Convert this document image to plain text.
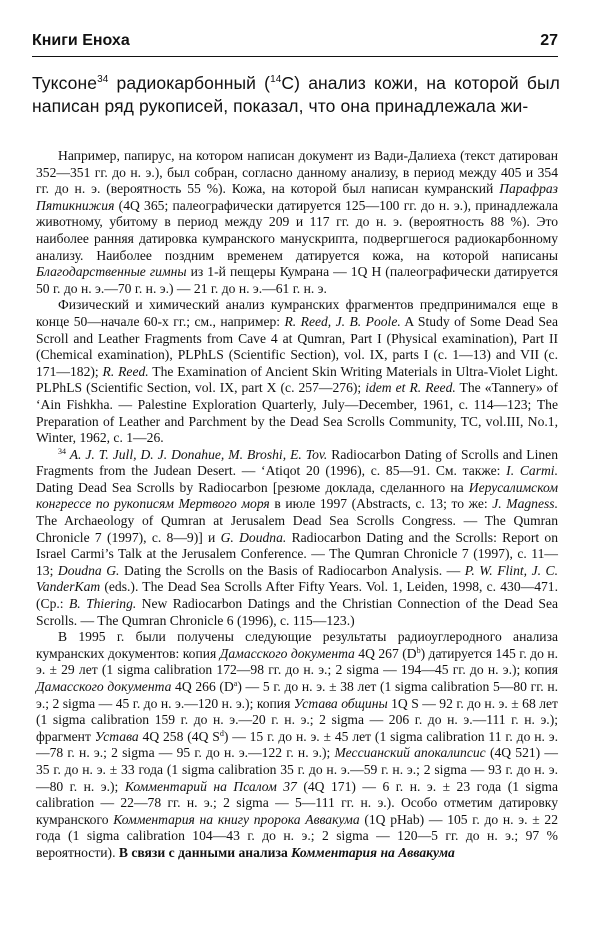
Книги Еноха	27
Туксоне$^{34}$ радиокарбонный ($^{14}$С) анализ кожи, на которой был написан ряд рукописей, показал, что она принадлежала жи-

Например, папирус, на котором написан документ из Вади-Далиеха (текст датирован 352—351 гг. до н. э.), был собран, согласно данному анализу, в период между 405 и 354 гг. до н. э. (вероятность 55 %). Кожа, на которой был написан кумранский Парафраз Пятикнижия (4Q 365; палеографически датируется 125—100 гг. до н. э.), принадлежала животному, убитому в период между 209 и 117 гг. до н. э. (вероятность 88 %). Это наиболее ранняя датировка кумранского манускрипта, подвергшегося радиокарбонному анализу. Наиболее поздним временем датируется кожа, на которой написаны Благодарственные гимны из 1-й пещеры Кумрана — 1Q H (палеографически датируется 50 г. до н. э.—70 г. н. э.) — 21 г. до н. э.—61 г. н. э.

Физический и химический анализ кумранских фрагментов предпринимался еще в конце 50—начале 60-х гг.; см., например: R. Reed, J. B. Poole. A Study of Some Dead Sea Scroll and Leather Fragments from Cave 4 at Qumran, Part I (Physical examination), Part II (Chemical examination), PLPhLS (Scientific Section), vol. IX, parts I (с. 1—13) and VII (с. 171—182); R. Reed. The Examination of Ancient Skin Writing Materials in Ultra-Violet Light. PLPhLS (Scientific Section, vol. IX, part X (с. 257—276); idem et R. Reed. The «Tannery» of ‘Ain Fishkha. — Palestine Exploration Quarterly, July—December, 1961, с. 114—123; The Preparation of Leather and Parchment by the Dead Sea Scrolls Community, TC, vol.III, No.1, Winter, 1962, с. 1—26.

$^{34}$ A. J. T. Jull, D. J. Donahue, M. Broshi, E. Tov. Radiocarbon Dating of Scrolls and Linen Fragments from the Judean Desert. — ‘Atiqot 20 (1996), с. 85—91. См. также: I. Carmi. Dating Dead Sea Scrolls by Radiocarbon [резюме доклада, сделанного на Иерусалимском конгрессе по рукописям Мертвого моря в июле 1997 (Abstracts, с. 13; то же: J. Magness. The Archaeology of Qumran at Jerusalem Dead Sea Scrolls Congress. — The Qumran Chronicle 7 (1997), с. 8—9)] и G. Doudna. Radiocarbon Dating and the Scrolls: Report on Israel Carmi’s Talk at the Jerusalem Conference. — The Qumran Chronicle 7 (1997), с. 11—13; Doudna G. Dating the Scrolls on the Basis of Radiocarbon Analysis. — P. W. Flint, J. C. VanderKam (eds.). The Dead Sea Scrolls After Fifty Years. Vol. 1, Leiden, 1998, с. 430—471. (Ср.: B. Thiering. New Radiocarbon Datings and the Christian Connection of the Dead Sea Scrolls. — The Qumran Chronicle 6 (1996), с. 115—123.)

В 1995 г. были получены следующие результаты радиоуглеродного анализа кумранских документов: копия Дамасского документа 4Q 267 $(D^b)$ датируется 145 г. до н. э. ± 29 лет (1 sigma calibration 172—98 гг. до н. э.; 2 sigma — 194—45 гг. до н. э.); копия Дамасского документа 4Q 266 $(D^a)$ — 5 г. до н. э. ± 38 лет (1 sigma calibration 5—80 гг. н. э.; 2 sigma — 45 г. до н. э.—120 н. э.); копия Устава общины 1Q S — 92 г. до н. э. ± 68 лет (1 sigma calibration 159 г. до н. э.—20 г. н. э.; 2 sigma — 206 г. до н. э.—111 г. н. э.); фрагмент Устава 4Q 258 (4Q $S^d$) — 15 г. до н. э. ± 45 лет (1 sigma calibration 11 г. до н. э.—78 г. н. э.; 2 sigma — 95 г. до н. э.—122 г. н. э.); Мессианский апокалипсис (4Q 521) — 35 г. до н. э. ± 33 года (1 sigma calibration 35 г. до н. э.—59 г. н. э.; 2 sigma — 93 г. до н. э.—80 г. н. э.); Комментарий на Псалом 37 (4Q 171) — 6 г. н. э. ± 23 года (1 sigma calibration — 22—78 гг. н. э.; 2 sigma — 5—111 гг. н. э.). Особо отметим датировку кумранского Комментария на книгу пророка Аввакума (1Q pHab) — 105 г. до н. э. ± 22 года (1 sigma calibration 104—43 г. до н. э.; 2 sigma — 120—5 гг. до н. э.; 97 % вероятности). В связи с данными анализа Комментария на Аввакума
